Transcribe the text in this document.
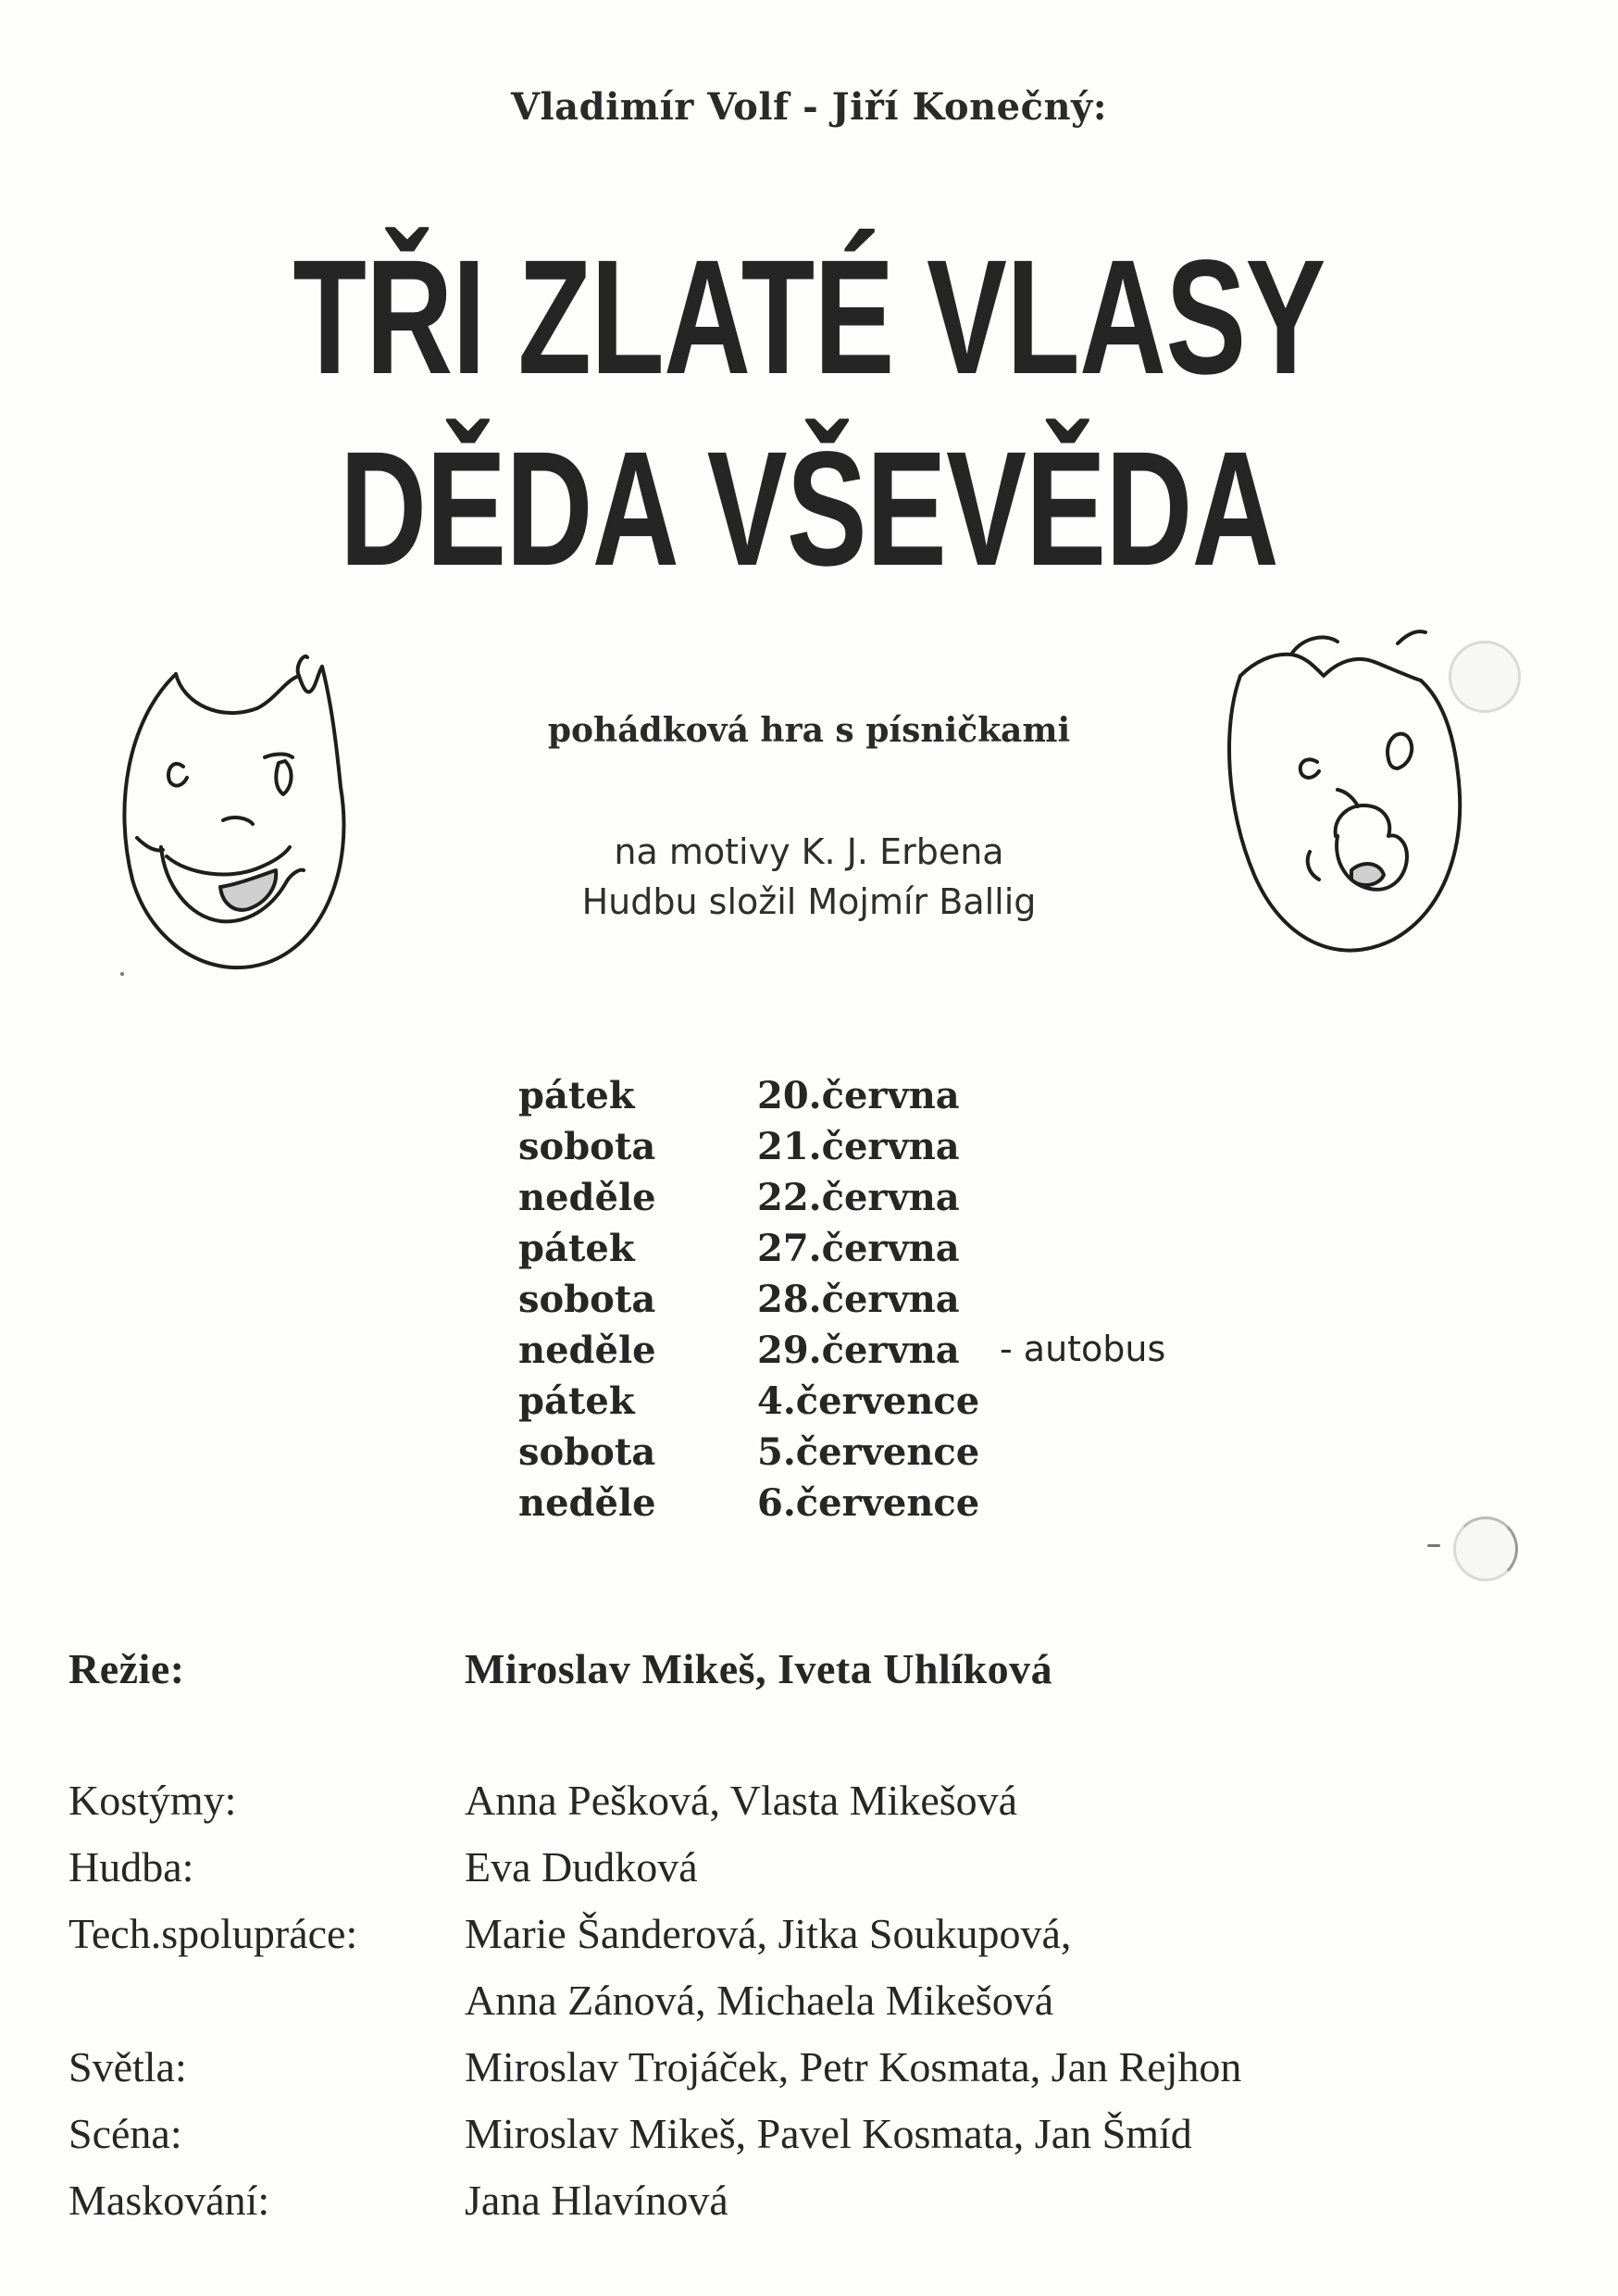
Vladimír Volf - Jiří Konečný:
TŘI ZLATÉ VLASY
DĚDA VŠEVĚDA
pohádková hra s písničkami
na motivy K. J. Erbena
Hudbu složil Mojmír Ballig
pátek	20.června
sobota	21.června
neděle	22.června
pátek	27.června
sobota	28.června
neděle	29.června - autobus
pátek	4.července
sobota	5.července
neděle	6.července
Režie:	Miroslav Mikeš, Iveta Uhlíková
Kostýmy:	Anna Pešková, Vlasta Mikešová
Hudba:	Eva Dudková
Tech.spolupráce:	Marie Šanderová, Jitka Soukupová,
Anna Zánová, Michaela Mikešová
Světla:	Miroslav Trojáček, Petr Kosmata, Jan Rejhon
Scéna:	Miroslav Mikeš, Pavel Kosmata, Jan Šmíd
Maskování:	Jana Hlavínová
